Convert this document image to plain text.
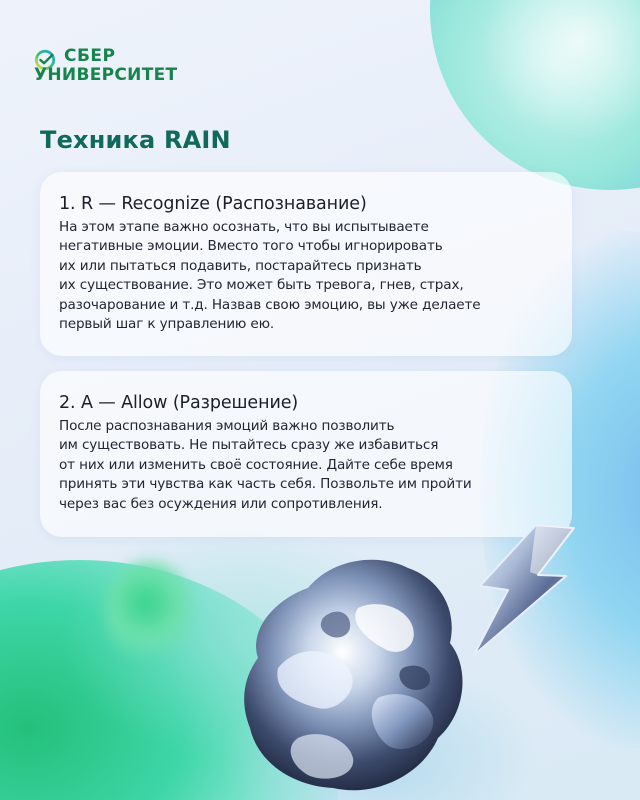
СБЕР
УНИВЕРСИТЕТ
Техника RAIN
1. R — Recognize (Распознавание)

На этом этапе важно осознать, что вы испытываете
негативные эмоции. Вместо того чтобы игнорировать
их или пытаться подавить, постарайтесь признать
их существование. Это может быть тревога, гнев, страх,
разочарование и т.д. Назвав свою эмоцию, вы уже делаете
первый шаг к управлению ею.

2. A — Allow (Разрешение)

После распознавания эмоций важно позволить
им существовать. Не пытайтесь сразу же избавиться
от них или изменить своё состояние. Дайте себе время
принять эти чувства как часть себя. Позвольте им пройти
через вас без осуждения или сопротивления.
